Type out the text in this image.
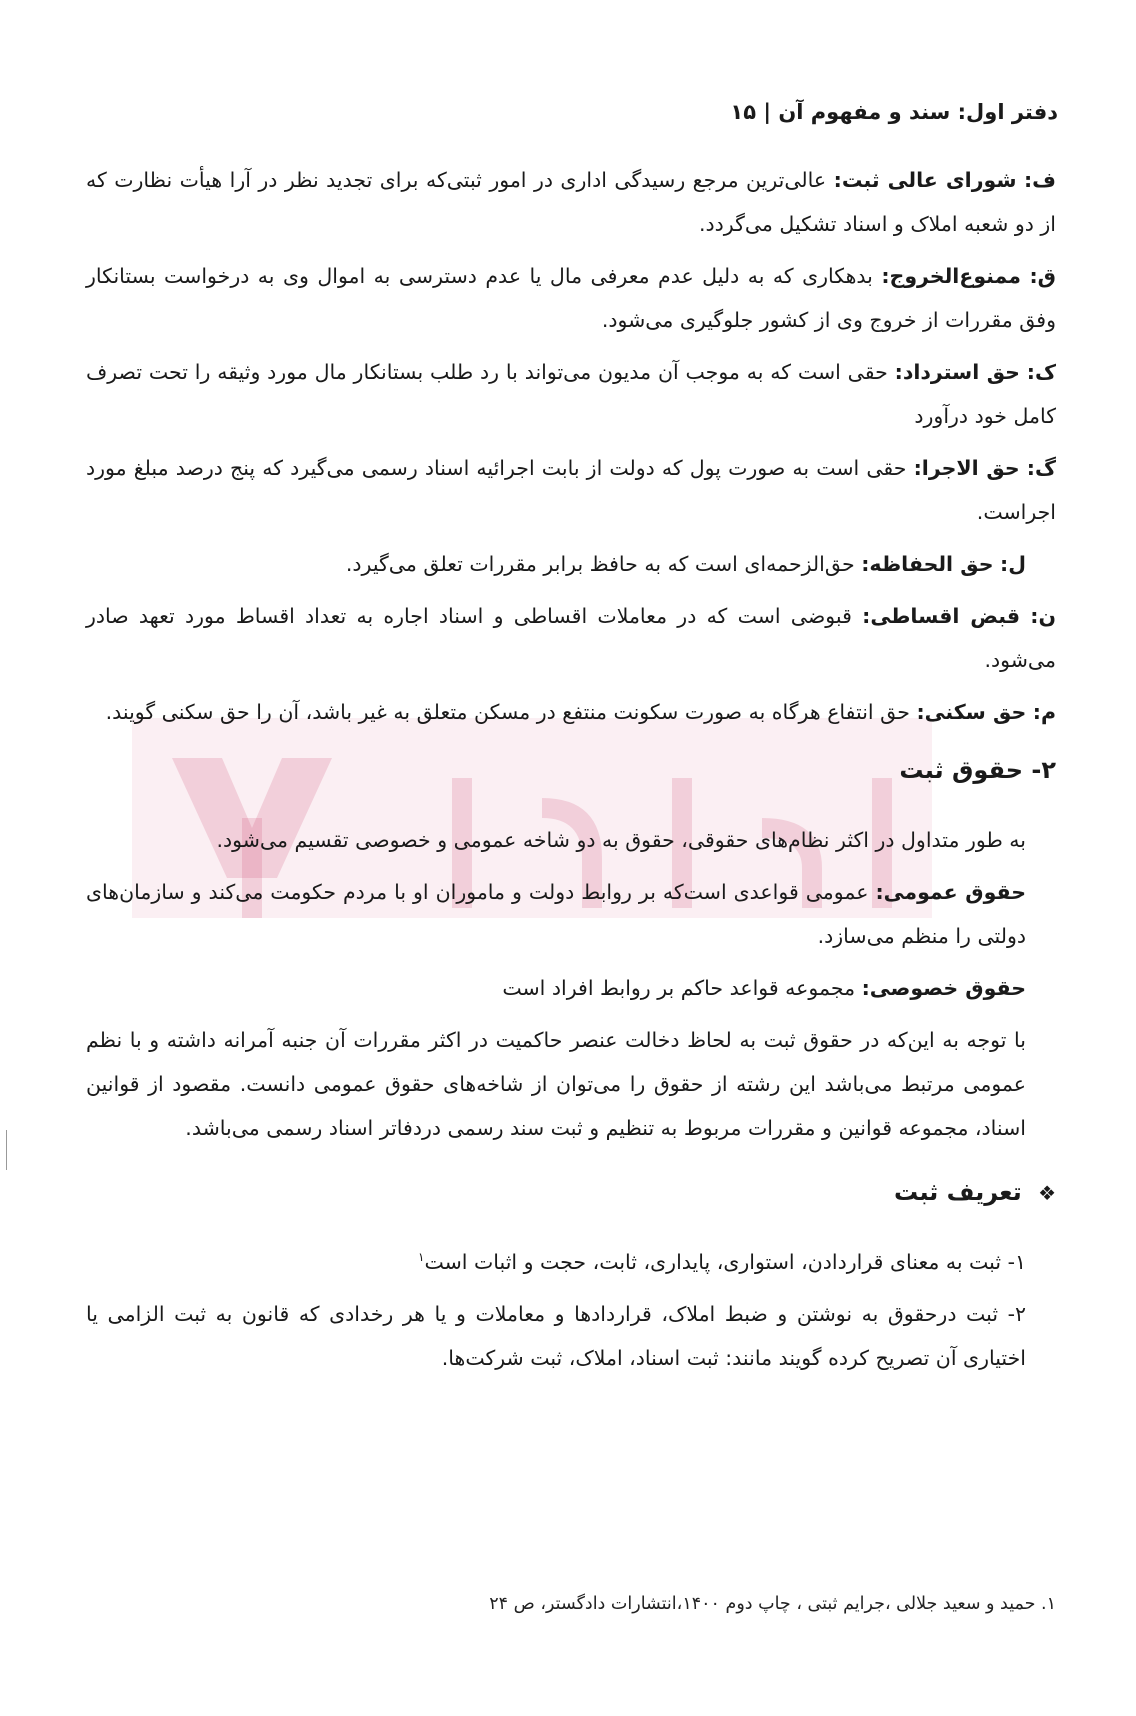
دفتر اول: سند و مفهوم آن | ۱۵
ف: شورای عالی ثبت: عالی‌ترین مرجع رسیدگی اداری در امور ثبتی‌که برای تجدید نظر در آرا هیأت نظارت که از دو شعبه املاک و اسناد تشکیل می‌گردد.
ق: ممنوع‌الخروج: بدهکاری که به دلیل عدم معرفی مال یا عدم دسترسی به اموال وی به درخواست بستانکار وفق مقررات از خروج وی از کشور جلوگیری می‌شود.
ک: حق استرداد: حقی است که به موجب آن مدیون می‌تواند با رد طلب بستانکار مال مورد وثیقه را تحت تصرف کامل خود درآورد
گ: حق الاجرا: حقی است به صورت پول که دولت از بابت اجرائیه اسناد رسمی می‌گیرد که پنج درصد مبلغ مورد اجراست.
ل: حق الحفاظه: حق‌الزحمه‌ای است که به حافظ برابر مقررات تعلق می‌گیرد.
ن: قبض اقساطی: قبوضی است که در معاملات اقساطی و اسناد اجاره به تعداد اقساط مورد تعهد صادر می‌شود.
م: حق سکنی: حق انتفاع هرگاه به صورت سکونت منتفع در مسکن متعلق به غیر باشد، آن را حق سکنی گویند.
۲- حقوق ثبت
به طور متداول در اکثر نظام‌های حقوقی، حقوق به دو شاخه عمومی و خصوصی تقسیم می‌شود.
حقوق عمومی: عمومی قواعدی است‌که بر روابط دولت و ماموران او با مردم حکومت می‌کند و سازمان‌های دولتی را منظم می‌سازد.
حقوق خصوصی: مجموعه قواعد حاکم بر روابط افراد است
با توجه به این‌که در حقوق ثبت به لحاظ دخالت عنصر حاکمیت در اکثر مقررات آن جنبه آمرانه داشته و با نظم عمومی مرتبط می‌باشد این رشته از حقوق را می‌توان از شاخه‌های حقوق عمومی دانست. مقصود از قوانین اسناد، مجموعه قوانین و مقررات مربوط به تنظیم و ثبت سند رسمی دردفاتر اسناد رسمی می‌باشد.
❖ تعریف ثبت
۱- ثبت به معنای قراردادن، استواری، پایداری، ثابت، حجت و اثبات است$^۱$
۲- ثبت درحقوق به نوشتن و ضبط املاک، قراردادها و معاملات و یا هر رخدادی که قانون به ثبت الزامی یا اختیاری آن تصریح کرده گویند مانند: ثبت اسناد، املاک، ثبت شرکت‌ها.
۱. حمید و سعید جلالی ،جرایم ثبتی ، چاپ دوم ۱۴۰۰،انتشارات دادگستر، ص ۲۴
